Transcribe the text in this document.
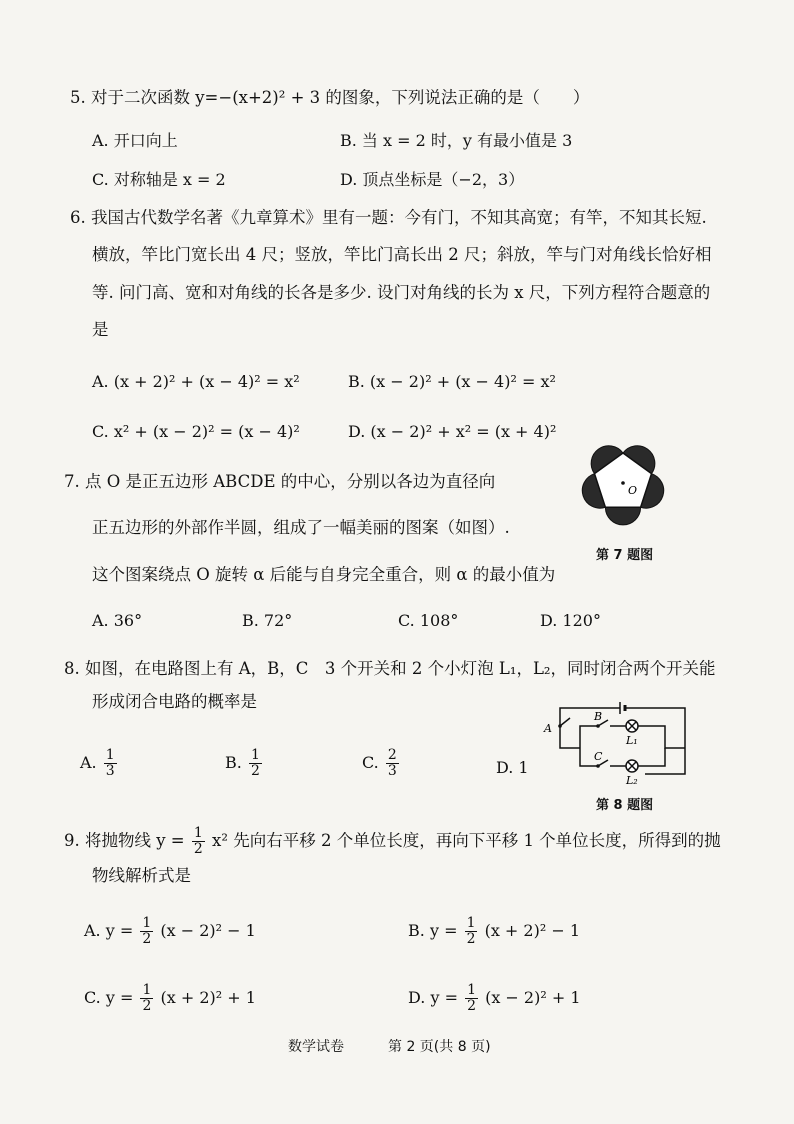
5. 对于二次函数 y=−(x+2)² + 3 的图象，下列说法正确的是（　　）
A. 开口向上	B. 当 x = 2 时，y 有最小值是 3
C. 对称轴是 x = 2	D. 顶点坐标是（−2，3）
6. 我国古代数学名著《九章算术》里有一题：今有门，不知其高宽；有竿，不知其长短.
横放，竿比门宽长出 4 尺；竖放，竿比门高长出 2 尺；斜放，竿与门对角线长恰好相
等. 问门高、宽和对角线的长各是多少. 设门对角线的长为 x 尺，下列方程符合题意的
是
A. (x + 2)² + (x − 4)² = x²	B. (x − 2)² + (x − 4)² = x²
C. x² + (x − 2)² = (x − 4)²	D. (x − 2)² + x² = (x + 4)²
7. 点 O 是正五边形 ABCDE 的中心，分别以各边为直径向
正五边形的外部作半圆，组成了一幅美丽的图案（如图）.
这个图案绕点 O 旋转 α 后能与自身完全重合，则 α 的最小值为
A. 36°	B. 72°	C. 108°	D. 120°
O
第 7 题图
8. 如图，在电路图上有 A，B，C　3 个开关和 2 个小灯泡 L₁，L₂，同时闭合两个开关能
形成闭合电路的概率是
A. $\frac{1}{3}$	B. $\frac{1}{2}$	C. $\frac{2}{3}$	D. 1
A
B
C
L₁
L₂
第 8 题图
9. 将抛物线 $y = \frac{1}{2} x^2$ 先向右平移 2 个单位长度，再向下平移 1 个单位长度，所得到的抛
物线解析式是
A. $y = \frac{1}{2} (x - 2)^2 - 1$	B. $y = \frac{1}{2} (x + 2)^2 - 1$
C. $y = \frac{1}{2} (x + 2)^2 + 1$	D. $y = \frac{1}{2} (x - 2)^2 + 1$
数学试卷	第 2 页(共 8 页)
